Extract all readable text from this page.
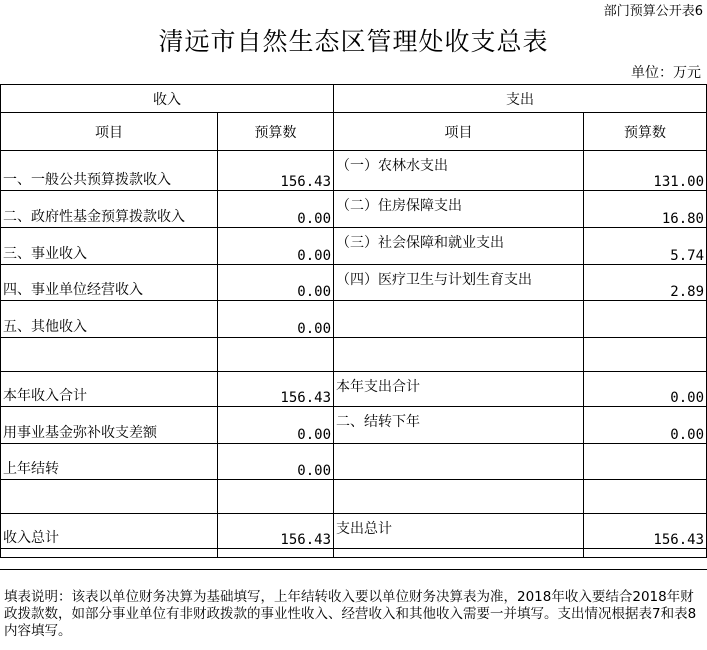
部门预算公开表6
清远市自然生态区管理处收支总表
单位：万元
收入		支出	
项目	预算数	项目	预算数
一、一般公共预算拨款收入	156.43	（一）农林水支出	131.00
二、政府性基金预算拨款收入	0.00	（二）住房保障支出	16.80
三、事业收入	0.00	（三）社会保障和就业支出	5.74
四、事业单位经营收入	0.00	（四）医疗卫生与计划生育支出	2.89
五、其他收入	0.00		

本年收入合计	156.43	本年支出合计	0.00
用事业基金弥补收支差额	0.00	二、结转下年	0.00
上年结转	0.00		

收入总计	156.43	支出总计	156.43

填表说明：该表以单位财务决算为基础填写，上年结转收入要以单位财务决算表为准，2018年收入要结合2018年财政拨款数，如部分事业单位有非财政拨款的事业性收入、经营收入和其他收入需要一并填写。支出情况根据表7和表8内容填写。
